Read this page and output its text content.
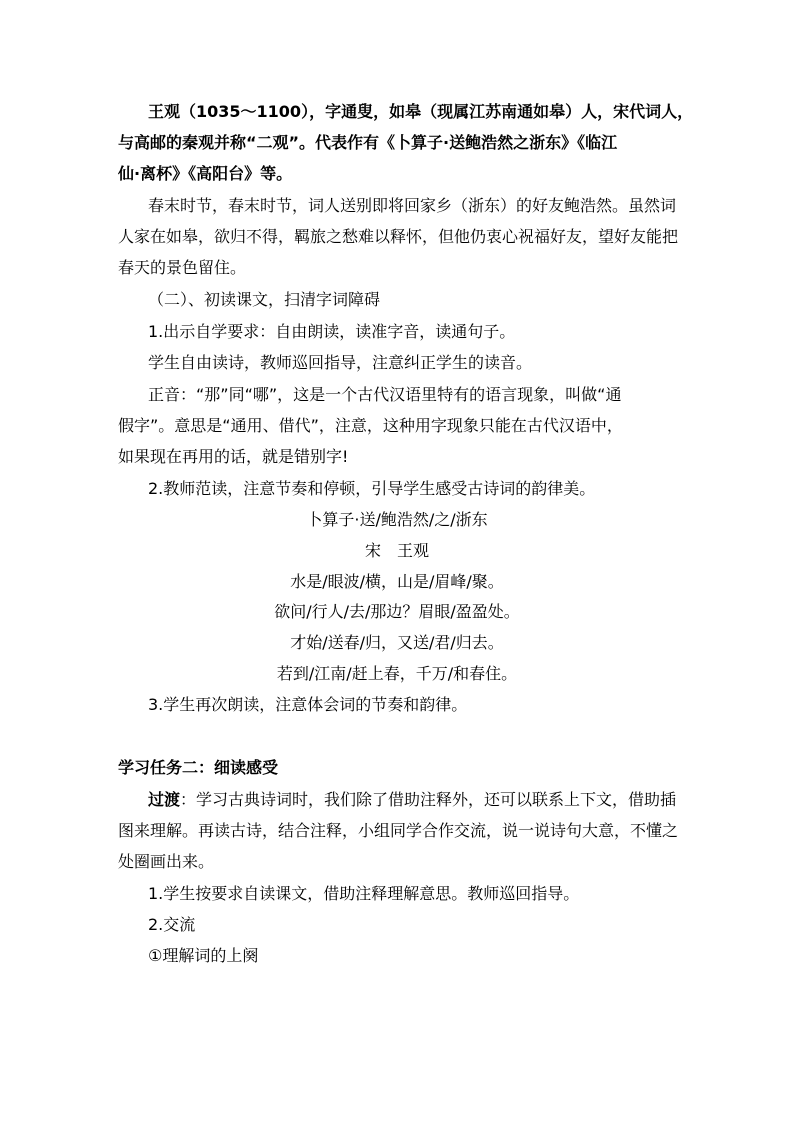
王观（1035～1100），字通叟，如皋（现属江苏南通如皋）人，宋代词人，
与高邮的秦观并称“二观”。代表作有《卜算子·送鲍浩然之浙东》《临江
仙·离杯》《高阳台》等。
春末时节，春末时节，词人送别即将回家乡（浙东）的好友鲍浩然。虽然词
人家在如皋，欲归不得，羁旅之愁难以释怀，但他仍衷心祝福好友，望好友能把
春天的景色留住。
（二）、初读课文，扫清字词障碍
1.出示自学要求：自由朗读，读准字音，读通句子。
学生自由读诗，教师巡回指导，注意纠正学生的读音。
正音：“那”同“哪”，这是一个古代汉语里特有的语言现象，叫做“通
假字”。意思是“通用、借代”，注意，这种用字现象只能在古代汉语中，
如果现在再用的话，就是错别字!
2.教师范读，注意节奏和停顿，引导学生感受古诗词的韵律美。
卜算子·送/鲍浩然/之/浙东
宋　王观
水是/眼波/横，山是/眉峰/聚。
欲问/行人/去/那边？眉眼/盈盈处。
才始/送春/归，又送/君/归去。
若到/江南/赶上春，千万/和春住。
3.学生再次朗读，注意体会词的节奏和韵律。
学习任务二：细读感受
过渡：学习古典诗词时，我们除了借助注释外，还可以联系上下文，借助插
图来理解。再读古诗，结合注释，小组同学合作交流，说一说诗句大意，不懂之
处圈画出来。
1.学生按要求自读课文，借助注释理解意思。教师巡回指导。
2.交流
①理解词的上阕
